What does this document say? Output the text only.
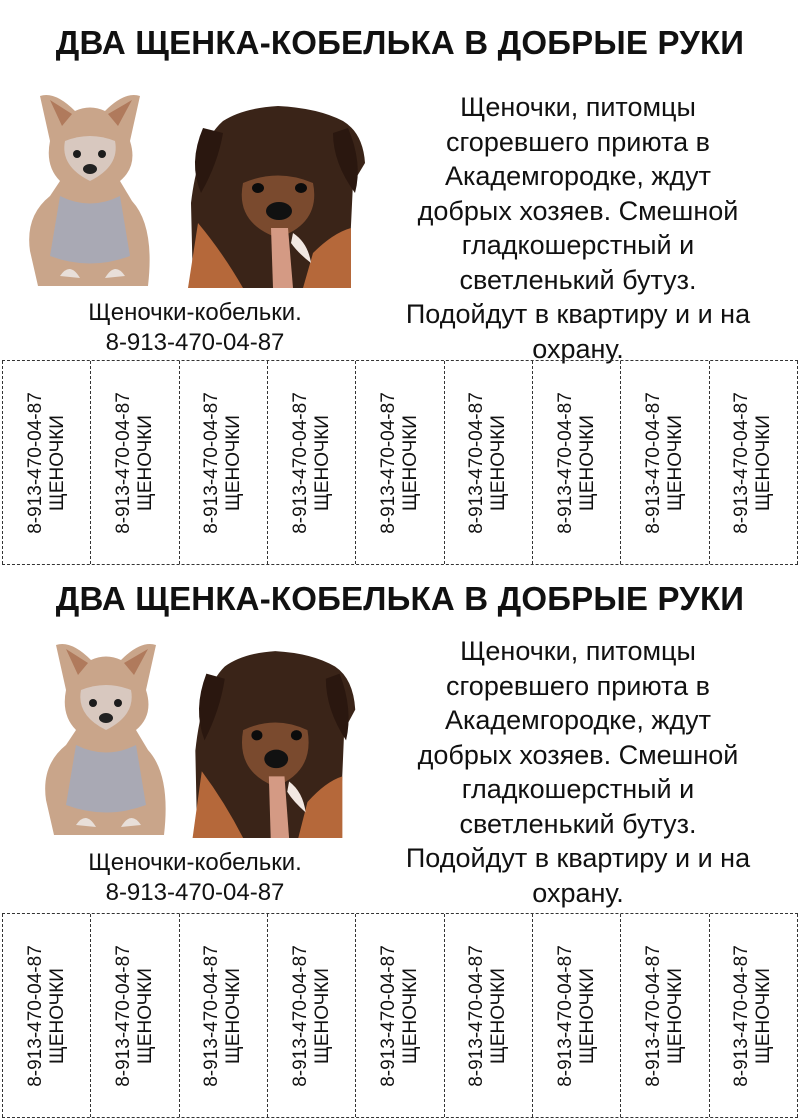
ДВА ЩЕНКА-КОБЕЛЬКА В ДОБРЫЕ РУКИ
Щеночки-кобельки.
8-913-470-04-87
Щеночки, питомцы
сгоревшего приюта в
Академгородке, ждут
добрых хозяев. Смешной
гладкошерстный и
светленький бутуз.
Подойдут в квартиру и и на
охрану.
8-913-470-04-87 ЩЕНОЧКИ 8-913-470-04-87 ЩЕНОЧКИ 8-913-470-04-87 ЩЕНОЧКИ 8-913-470-04-87 ЩЕНОЧКИ 8-913-470-04-87 ЩЕНОЧКИ 8-913-470-04-87 ЩЕНОЧКИ 8-913-470-04-87 ЩЕНОЧКИ 8-913-470-04-87 ЩЕНОЧКИ 8-913-470-04-87 ЩЕНОЧКИ
ДВА ЩЕНКА-КОБЕЛЬКА В ДОБРЫЕ РУКИ
Щеночки-кобельки.
8-913-470-04-87
Щеночки, питомцы
сгоревшего приюта в
Академгородке, ждут
добрых хозяев. Смешной
гладкошерстный и
светленький бутуз.
Подойдут в квартиру и и на
охрану.
8-913-470-04-87 ЩЕНОЧКИ 8-913-470-04-87 ЩЕНОЧКИ 8-913-470-04-87 ЩЕНОЧКИ 8-913-470-04-87 ЩЕНОЧКИ 8-913-470-04-87 ЩЕНОЧКИ 8-913-470-04-87 ЩЕНОЧКИ 8-913-470-04-87 ЩЕНОЧКИ 8-913-470-04-87 ЩЕНОЧКИ 8-913-470-04-87 ЩЕНОЧКИ
